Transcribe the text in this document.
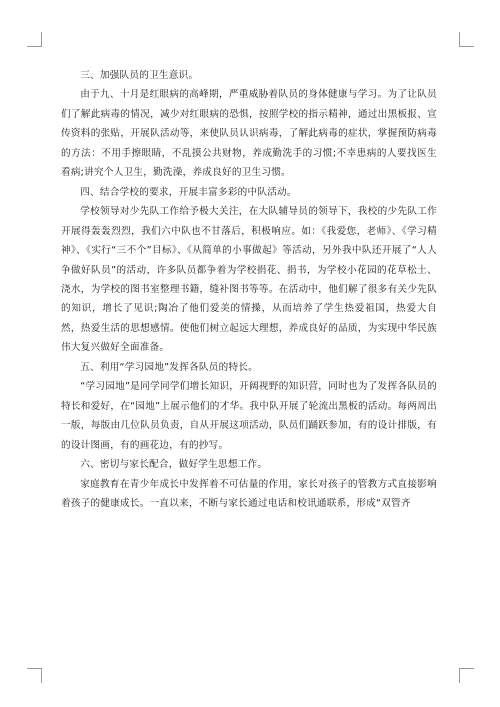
三、加强队员的卫生意识。

由于九、十月是红眼病的高峰期，严重威胁着队员的身体健康与学习。为了让队员们了解此病毒的情况，减少对红眼病的恐惧，按照学校的指示精神，通过出黑板报、宣传资料的张贴，开展队活动等，来使队员认识病毒，了解此病毒的症状，掌握预防病毒的方法：不用手擦眼睛，不乱摸公共财物，养成勤洗手的习惯;不幸患病的人要找医生看病;讲究个人卫生，勤洗澡，养成良好的卫生习惯。

四、结合学校的要求，开展丰富多彩的中队活动。

学校领导对少先队工作给予极大关注，在大队辅导员的领导下，我校的少先队工作开展得轰轰烈烈，我们六中队也不甘落后，积极响应。如：《我爱您，老师》、《学习精神》、《实行“三不个”目标》、《从简单的小事做起》等活动，另外我中队还开展了“人人争做好队员”的活动，许多队员都争着为学校捐花、捐书，为学校小花园的花草松土、浇水，为学校的图书室整理书籍，缝补图书等等。在活动中，他们解了很多有关少先队的知识，增长了见识;陶冶了他们爱美的情操，从而培养了学生热爱祖国，热爱大自然，热爱生活的思想感情。使他们树立起远大理想，养成良好的品质，为实现中华民族伟大复兴做好全面准备。

五、利用“学习园地”发挥各队员的特长。

“学习园地”是同学同学们增长知识，开阔视野的知识营，同时也为了发挥各队员的特长和爱好，在“园地”上展示他们的才华。我中队开展了轮流出黑板的活动。每两周出一版，每版由几位队员负责，自从开展这项活动，队员们踊跃参加，有的设计排版，有的设计图画，有的画花边，有的抄写。

六、密切与家长配合，做好学生思想工作。

家庭教育在青少年成长中发挥着不可估量的作用，家长对孩子的管教方式直接影响着孩子的健康成长。一直以来，不断与家长通过电话和校讯通联系，形成“双管齐
